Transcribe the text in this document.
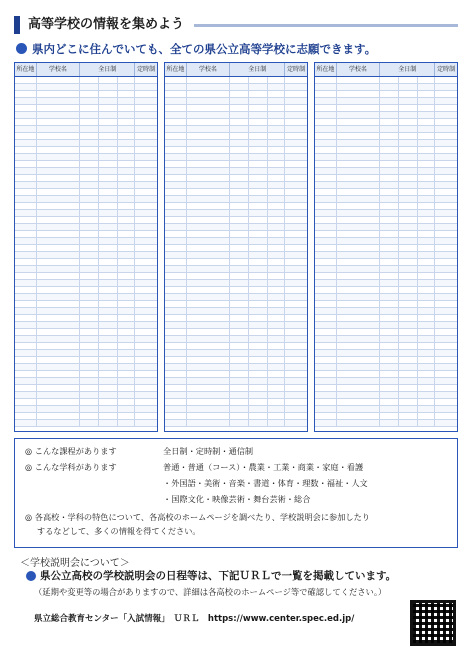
高等学校の情報を集めよう
県内どこに住んでいても、全ての県公立高等学校に志願できます。
所在地	学校名	全日制	定時制	所在地	学校名	全日制	定時制	所在地	学校名	全日制	定時制
◎ こんな課程があります	全日制・定時制・通信制
◎ こんな学科があります	普通・普通（コース）・農業・工業・商業・家庭・看護
・外国語・美術・音楽・書道・体育・理数・福祉・人文
・国際文化・映像芸術・舞台芸術・総合
◎ 各高校・学科の特色について、各高校のホームページを調べたり、学校説明会に参加したり
するなどして、多くの情報を得てください。
＜学校説明会について＞
県公立高校の学校説明会の日程等は、下記ＵＲＬで一覧を掲載しています。
（延期や変更等の場合がありますので、詳細は各高校のホームページ等で確認してください。）
県立総合教育センター「入試情報」　ＵＲＬ　https://www.center.spec.ed.jp/
